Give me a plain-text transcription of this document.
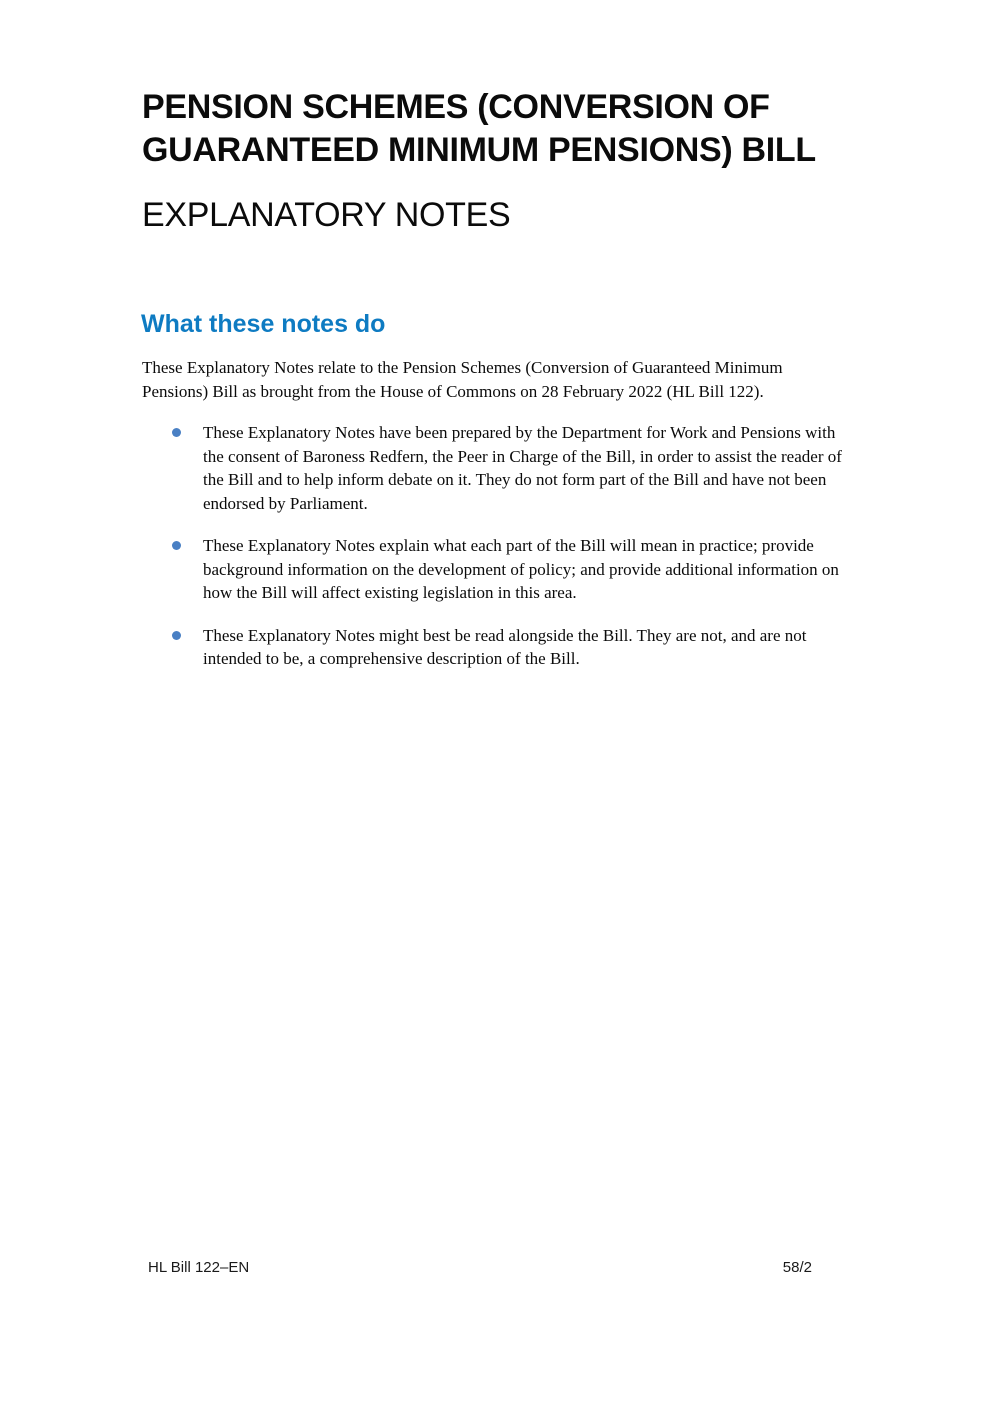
PENSION SCHEMES (CONVERSION OF
GUARANTEED MINIMUM PENSIONS) BILL
EXPLANATORY NOTES
What these notes do

These Explanatory Notes relate to the Pension Schemes (Conversion of Guaranteed Minimum Pensions) Bill as brought from the House of Commons on 28 February 2022 (HL Bill 122).

These Explanatory Notes have been prepared by the Department for Work and Pensions with the consent of Baroness Redfern, the Peer in Charge of the Bill, in order to assist the reader of the Bill and to help inform debate on it. They do not form part of the Bill and have not been endorsed by Parliament.
These Explanatory Notes explain what each part of the Bill will mean in practice; provide background information on the development of policy; and provide additional information on how the Bill will affect existing legislation in this area.
These Explanatory Notes might best be read alongside the Bill. They are not, and are not intended to be, a comprehensive description of the Bill.
HL Bill 122–EN	58/2
